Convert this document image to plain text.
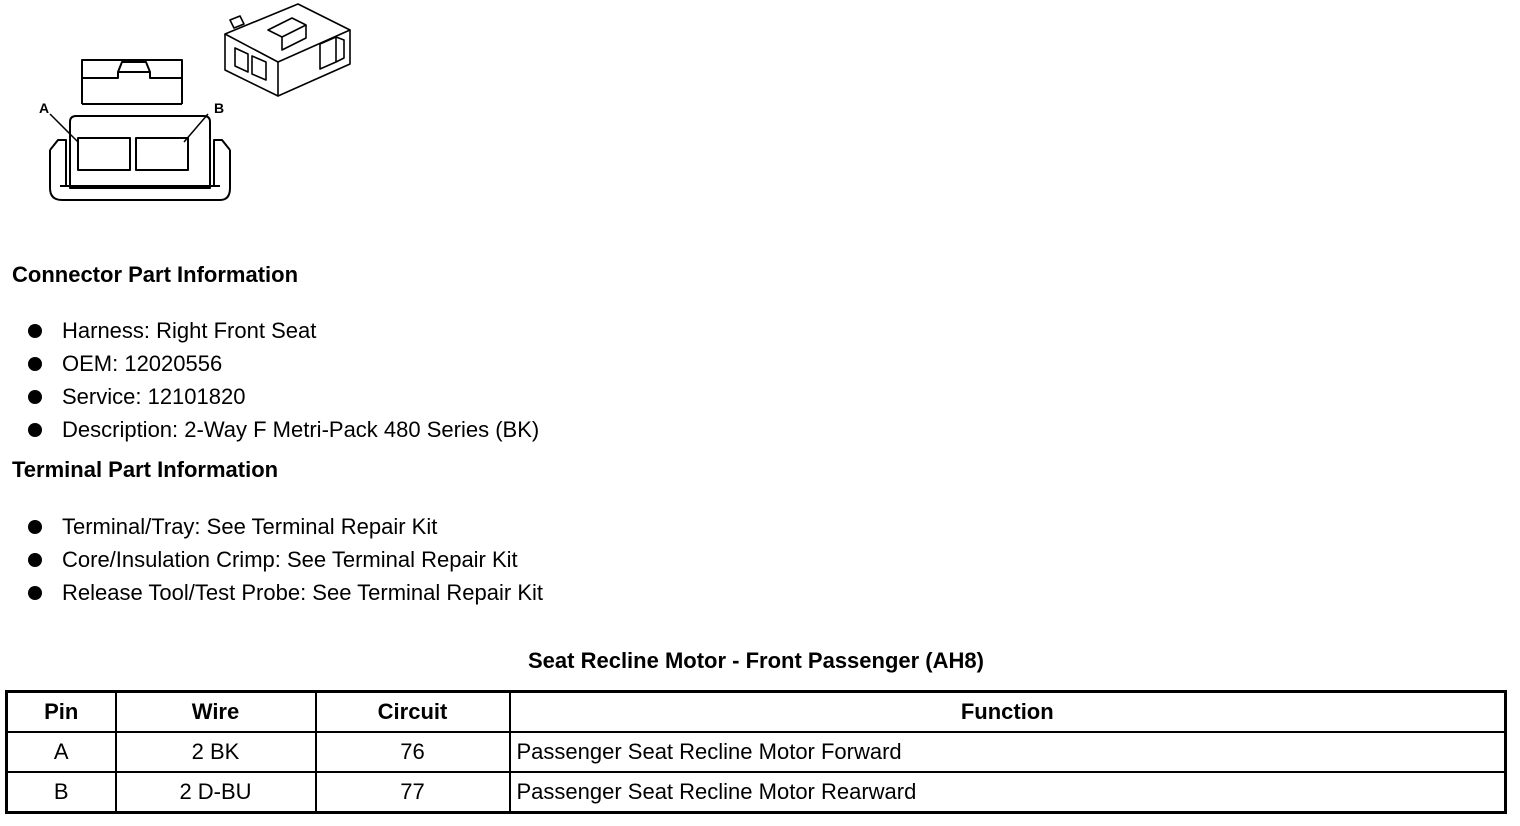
A	B
Connector Part Information
Harness: Right Front Seat
OEM: 12020556
Service: 12101820
Description: 2-Way F Metri-Pack 480 Series (BK)
Terminal Part Information
Terminal/Tray: See Terminal Repair Kit
Core/Insulation Crimp: See Terminal Repair Kit
Release Tool/Test Probe: See Terminal Repair Kit
Seat Recline Motor - Front Passenger (AH8)
Pin	Wire	Circuit	Function
A	2 BK	76	Passenger Seat Recline Motor Forward
B	2 D-BU	77	Passenger Seat Recline Motor Rearward
